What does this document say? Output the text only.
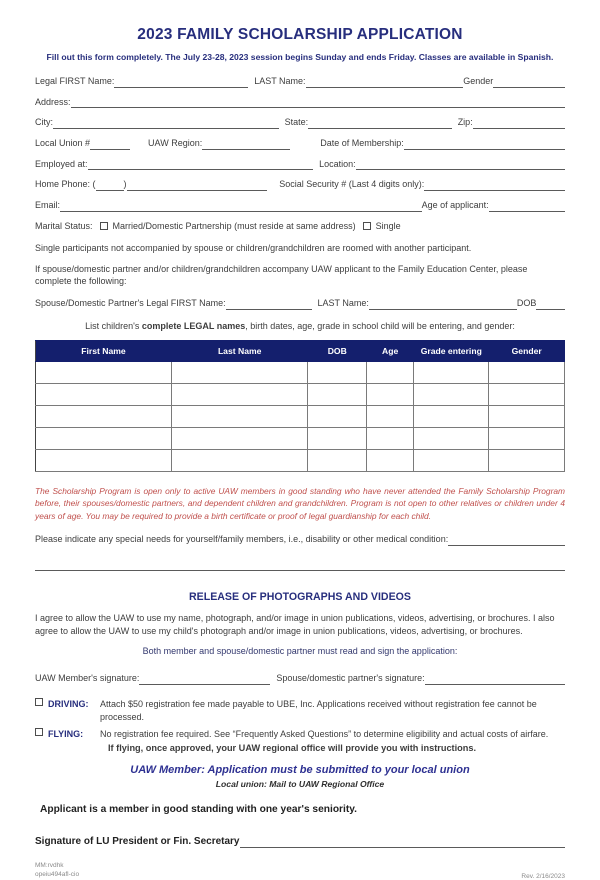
2023 FAMILY SCHOLARSHIP APPLICATION
Fill out this form completely. The July 23-28, 2023 session begins Sunday and ends Friday. Classes are available in Spanish.
Legal FIRST Name:	LAST Name:	Gender
Address:
City:	State:	Zip:
Local Union #	UAW Region:	Date of Membership:
Employed at:	Location:
Home Phone: (	)	Social Security # (Last 4 digits only):
Email:	Age of applicant:
Marital Status: Married/Domestic Partnership (must reside at same address) Single
Single participants not accompanied by spouse or children/grandchildren are roomed with another participant.
If spouse/domestic partner and/or children/grandchildren accompany UAW applicant to the Family Education Center, please complete the following:
Spouse/Domestic Partner's Legal FIRST Name:	LAST Name:	DOB
List children's complete LEGAL names, birth dates, age, grade in school child will be entering, and gender:
First Name	Last Name	DOB	Age	Grade entering	Gender

The Scholarship Program is open only to active UAW members in good standing who have never attended the Family Scholarship Program before, their spouses/domestic partners, and dependent children and grandchildren. Program is not open to other relatives or children under 4 years of age. You may be required to provide a birth certificate or proof of legal guardianship for each child.
Please indicate any special needs for yourself/family members, i.e., disability or other medical condition:
RELEASE OF PHOTOGRAPHS AND VIDEOS
I agree to allow the UAW to use my name, photograph, and/or image in union publications, videos, advertising, or brochures. I also agree to allow the UAW to use my child's photograph and/or image in union publications, videos, advertising, or brochures.
Both member and spouse/domestic partner must read and sign the application:
UAW Member's signature:	Spouse/domestic partner's signature:
DRIVING:	Attach $50 registration fee made payable to UBE, Inc. Applications received without registration fee cannot be processed.
FLYING:	No registration fee required. See “Frequently Asked Questions” to determine eligibility and actual costs of airfare.
If flying, once approved, your UAW regional office will provide you with instructions.
UAW Member: Application must be submitted to your local union
Local union: Mail to UAW Regional Office
Applicant is a member in good standing with one year's seniority.
Signature of LU President or Fin. Secretary
MM:rvdhk
opeiu494afl-cio	Rev. 2/16/2023
